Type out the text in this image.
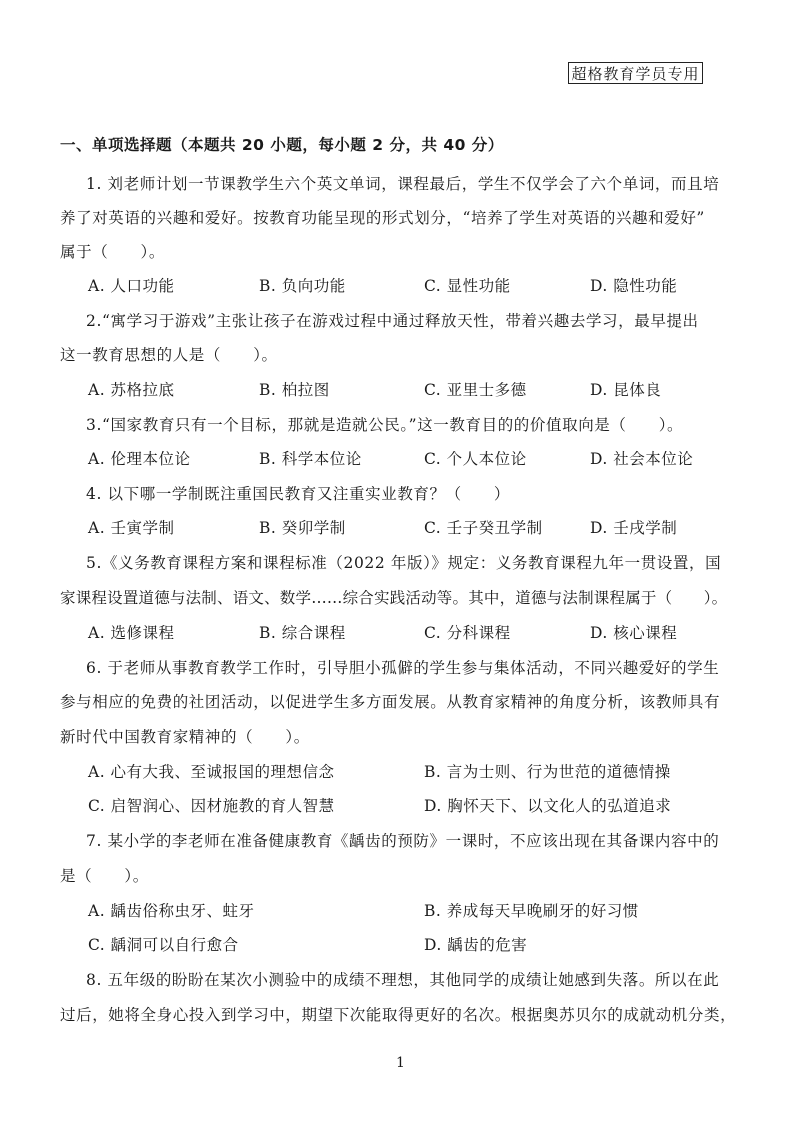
超格教育学员专用
一、单项选择题（本题共 20 小题，每小题 2 分，共 40 分）
1. 刘老师计划一节课教学生六个英文单词，课程最后，学生不仅学会了六个单词，而且培
养了对英语的兴趣和爱好。按教育功能呈现的形式划分，“培养了学生对英语的兴趣和爱好”
属于（　　）。
A. 人口功能	B. 负向功能	C. 显性功能	D. 隐性功能
2.“寓学习于游戏”主张让孩子在游戏过程中通过释放天性，带着兴趣去学习，最早提出
这一教育思想的人是（　　）。
A. 苏格拉底	B. 柏拉图	C. 亚里士多德	D. 昆体良
3.“国家教育只有一个目标，那就是造就公民。”这一教育目的的价值取向是（　　）。
A. 伦理本位论	B. 科学本位论	C. 个人本位论	D. 社会本位论
4. 以下哪一学制既注重国民教育又注重实业教育？（　　）
A. 壬寅学制	B. 癸卯学制	C. 壬子癸丑学制	D. 壬戌学制
5.《义务教育课程方案和课程标准（2022 年版）》规定：义务教育课程九年一贯设置，国
家课程设置道德与法制、语文、数学……综合实践活动等。其中，道德与法制课程属于（　　）。
A. 选修课程	B. 综合课程	C. 分科课程	D. 核心课程
6. 于老师从事教育教学工作时，引导胆小孤僻的学生参与集体活动，不同兴趣爱好的学生
参与相应的免费的社团活动，以促进学生多方面发展。从教育家精神的角度分析，该教师具有
新时代中国教育家精神的（　　）。
A. 心有大我、至诚报国的理想信念	B. 言为士则、行为世范的道德情操
C. 启智润心、因材施教的育人智慧	D. 胸怀天下、以文化人的弘道追求
7. 某小学的李老师在准备健康教育《龋齿的预防》一课时，不应该出现在其备课内容中的
是（　　）。
A. 龋齿俗称虫牙、蛀牙	B. 养成每天早晚刷牙的好习惯
C. 龋洞可以自行愈合	D. 龋齿的危害
8. 五年级的盼盼在某次小测验中的成绩不理想，其他同学的成绩让她感到失落。所以在此
过后，她将全身心投入到学习中，期望下次能取得更好的名次。根据奥苏贝尔的成就动机分类，
1
